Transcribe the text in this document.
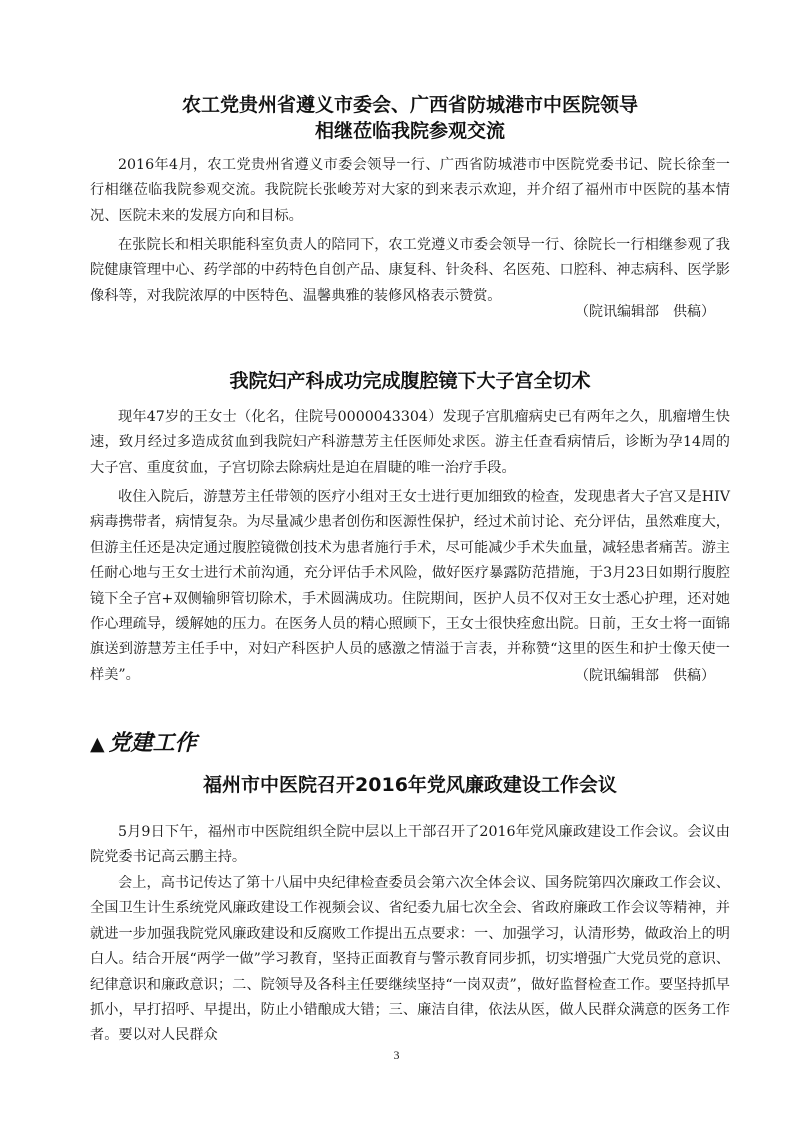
农工党贵州省遵义市委会、广西省防城港市中医院领导
相继莅临我院参观交流

2016年4月，农工党贵州省遵义市委会领导一行、广西省防城港市中医院党委书记、院长徐奎一行相继莅临我院参观交流。我院院长张峻芳对大家的到来表示欢迎，并介绍了福州市中医院的基本情况、医院未来的发展方向和目标。

在张院长和相关职能科室负责人的陪同下，农工党遵义市委会领导一行、徐院长一行相继参观了我院健康管理中心、药学部的中药特色自创产品、康复科、针灸科、名医苑、口腔科、神志病科、医学影像科等，对我院浓厚的中医特色、温馨典雅的装修风格表示赞赏。

（院讯编辑部　供稿）
我院妇产科成功完成腹腔镜下大子宫全切术

现年47岁的王女士（化名，住院号0000043304）发现子宫肌瘤病史已有两年之久，肌瘤增生快速，致月经过多造成贫血到我院妇产科游慧芳主任医师处求医。游主任查看病情后，诊断为孕14周的大子宫、重度贫血，子宫切除去除病灶是迫在眉睫的唯一治疗手段。

收住入院后，游慧芳主任带领的医疗小组对王女士进行更加细致的检查，发现患者大子宫又是HIV病毒携带者，病情复杂。为尽量减少患者创伤和医源性保护，经过术前讨论、充分评估，虽然难度大，但游主任还是决定通过腹腔镜微创技术为患者施行手术，尽可能减少手术失血量，减轻患者痛苦。游主任耐心地与王女士进行术前沟通，充分评估手术风险，做好医疗暴露防范措施，于3月23日如期行腹腔镜下全子宫+双侧输卵管切除术，手术圆满成功。住院期间，医护人员不仅对王女士悉心护理，还对她作心理疏导，缓解她的压力。在医务人员的精心照顾下，王女士很快痊愈出院。日前，王女士将一面锦旗送到游慧芳主任手中，对妇产科医护人员的感激之情溢于言表，并称赞“这里的医生和护士像天使一样美”。	（院讯编辑部　供稿）
▲ 党建工作
福州市中医院召开2016年党风廉政建设工作会议

5月9日下午，福州市中医院组织全院中层以上干部召开了2016年党风廉政建设工作会议。会议由院党委书记高云鹏主持。

会上，高书记传达了第十八届中央纪律检查委员会第六次全体会议、国务院第四次廉政工作会议、全国卫生计生系统党风廉政建设工作视频会议、省纪委九届七次全会、省政府廉政工作会议等精神，并就进一步加强我院党风廉政建设和反腐败工作提出五点要求：一、加强学习，认清形势，做政治上的明白人。结合开展“两学一做”学习教育，坚持正面教育与警示教育同步抓，切实增强广大党员党的意识、纪律意识和廉政意识；二、院领导及各科主任要继续坚持“一岗双责”，做好监督检查工作。要坚持抓早抓小，早打招呼、早提出，防止小错酿成大错；三、廉洁自律，依法从医，做人民群众满意的医务工作者。要以对人民群众

3
